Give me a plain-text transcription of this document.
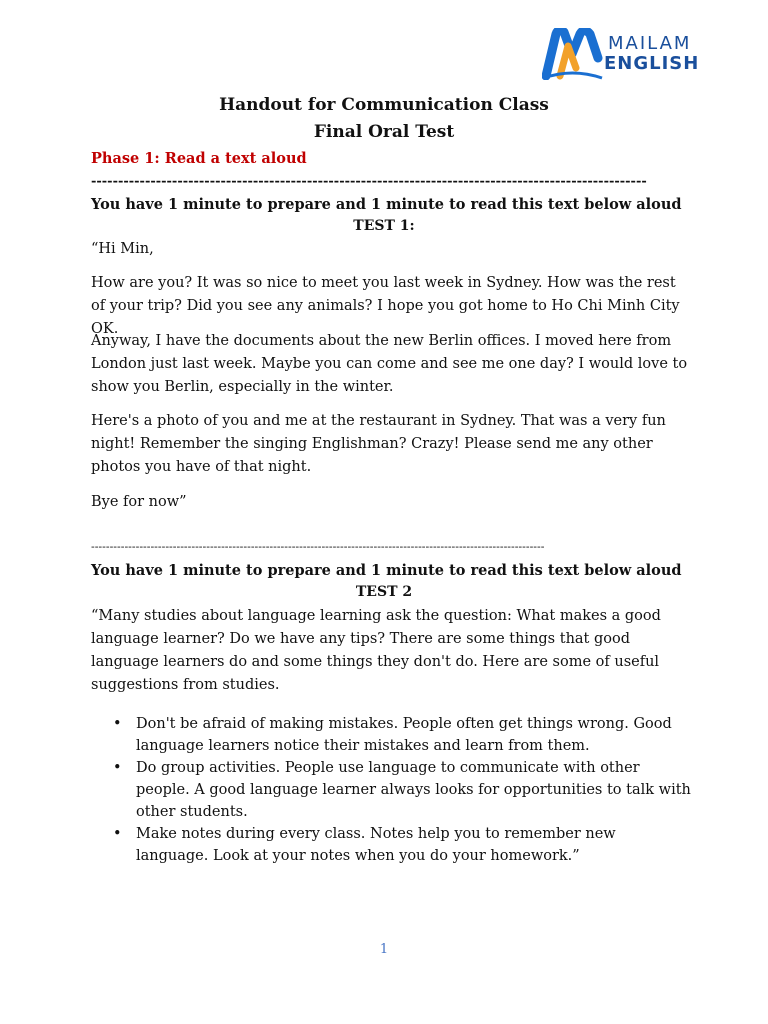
MAILAM
ENGLISH
Handout for Communication Class
Final Oral Test
Phase 1: Read a text aloud
-------------------------------------------------------------------------------------------------------
You have 1 minute to prepare and 1 minute to read this text below aloud
TEST 1:

“Hi Min,

How are you? It was so nice to meet you last week in Sydney. How was the rest of your trip? Did you see any animals? I hope you got home to Ho Chi Minh City OK.

Anyway, I have the documents about the new Berlin offices. I moved here from London just last week. Maybe you can come and see me one day? I would love to show you Berlin, especially in the winter.

Here's a photo of you and me at the restaurant in Sydney. That was a very fun night! Remember the singing Englishman? Crazy! Please send me any other photos you have of that night.

Bye for now”

--------------------------------------------------------------------------------------------------------------------------
You have 1 minute to prepare and 1 minute to read this text below aloud
TEST 2

“Many studies about language learning ask the question: What makes a good language learner? Do we have any tips? There are some things that good language learners do and some things they don't do. Here are some of useful suggestions from studies.

• Don't be afraid of making mistakes. People often get things wrong. Good language learners notice their mistakes and learn from them.
• Do group activities. People use language to communicate with other people. A good language learner always looks for opportunities to talk with other students.
• Make notes during every class. Notes help you to remember new language. Look at your notes when you do your homework.”
1
